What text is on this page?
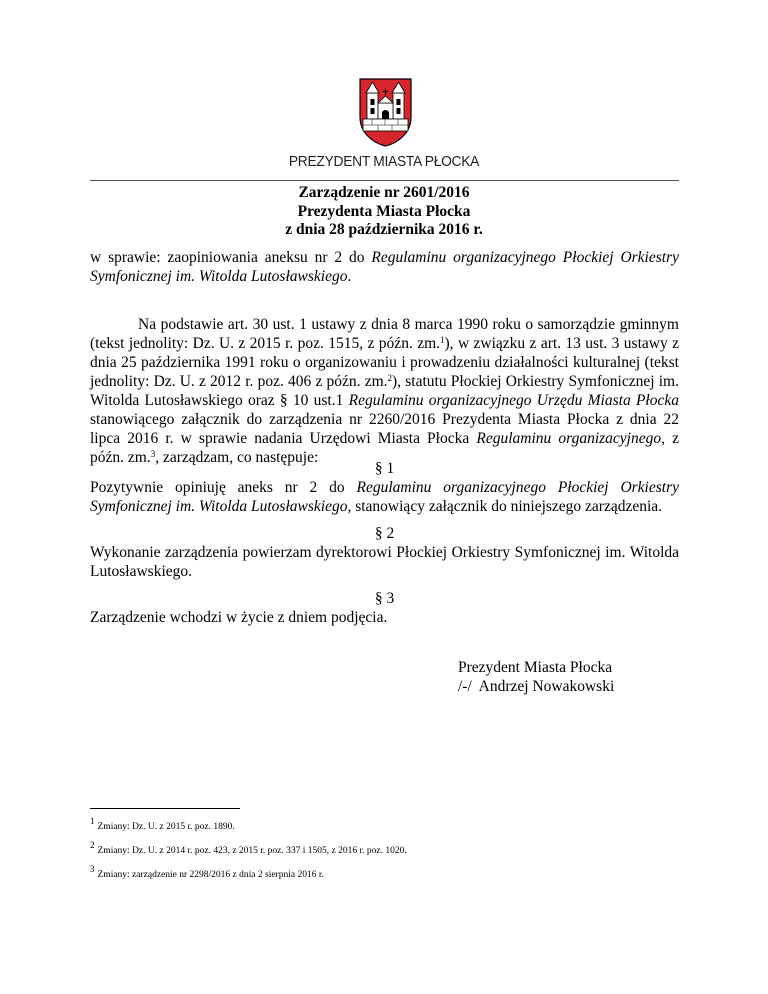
PREZYDENT MIASTA PŁOCKA
Zarządzenie nr 2601/2016
Prezydenta Miasta Płocka
z dnia 28 października 2016 r.
w sprawie: zaopiniowania aneksu nr 2 do Regulaminu organizacyjnego Płockiej Orkiestry Symfonicznej im. Witolda Lutosławskiego.
Na podstawie art. 30 ust. 1 ustawy z dnia 8 marca 1990 roku o samorządzie gminnym (tekst jednolity: Dz. U. z 2015 r. poz. 1515, z późn. zm.$^1$), w związku z art. 13 ust. 3 ustawy z dnia 25 października 1991 roku o organizowaniu i prowadzeniu działalności kulturalnej (tekst jednolity: Dz. U. z 2012 r. poz. 406 z późn. zm.$^2$), statutu Płockiej Orkiestry Symfonicznej im. Witolda Lutosławskiego oraz § 10 ust.1 Regulaminu organizacyjnego Urzędu Miasta Płocka stanowiącego załącznik do zarządzenia nr 2260/2016 Prezydenta Miasta Płocka z dnia 22 lipca 2016 r. w sprawie nadania Urzędowi Miasta Płocka Regulaminu organizacyjnego, z późn. zm.$^3$, zarządzam, co następuje:
§ 1
Pozytywnie opiniuję aneks nr 2 do Regulaminu organizacyjnego Płockiej Orkiestry Symfonicznej im. Witolda Lutosławskiego, stanowiący załącznik do niniejszego zarządzenia.
§ 2
Wykonanie zarządzenia powierzam dyrektorowi Płockiej Orkiestry Symfonicznej im. Witolda Lutosławskiego.
§ 3
Zarządzenie wchodzi w życie z dniem podjęcia.
Prezydent Miasta Płocka
/-/  Andrzej Nowakowski
$^1$Zmiany: Dz. U. z 2015 r. poz. 1890.
$^2$Zmiany: Dz. U. z 2014 r. poz. 423, z 2015 r. poz. 337 i 1505, z 2016 r. poz. 1020.
$^3$Zmiany: zarządzenie nr 2298/2016 z dnia 2 sierpnia 2016 r.
